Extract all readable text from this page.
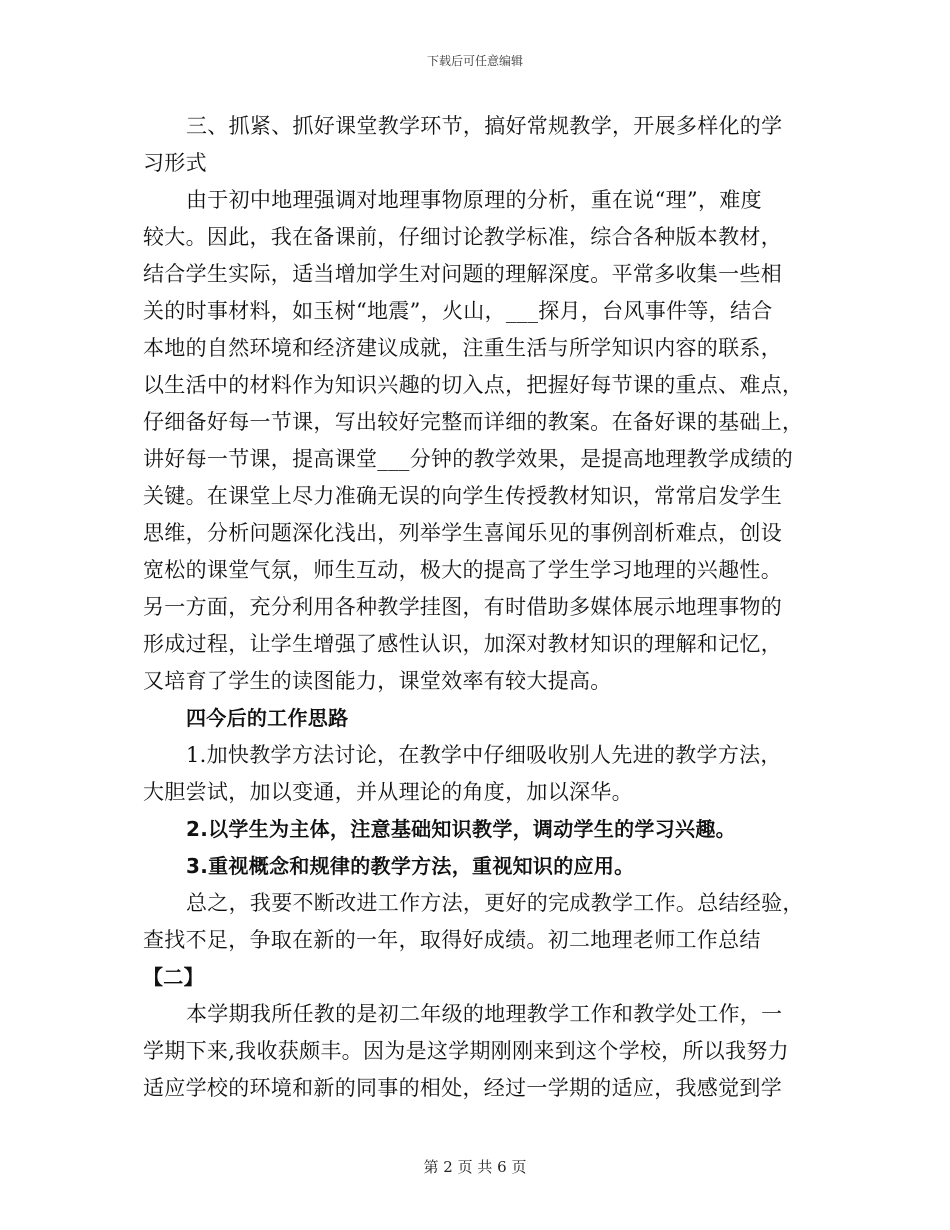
下载后可任意编辑
三、抓紧、抓好课堂教学环节，搞好常规教学，开展多样化的学
习形式
由于初中地理强调对地理事物原理的分析，重在说“理”，难度
较大。因此，我在备课前，仔细讨论教学标准，综合各种版本教材，
结合学生实际，适当增加学生对问题的理解深度。平常多收集一些相
关的时事材料，如玉树“地震”，火山，___探月，台风事件等，结合
本地的自然环境和经济建议成就，注重生活与所学知识内容的联系，
以生活中的材料作为知识兴趣的切入点，把握好每节课的重点、难点，
仔细备好每一节课，写出较好完整而详细的教案。在备好课的基础上，
讲好每一节课，提高课堂___分钟的教学效果，是提高地理教学成绩的
关键。在课堂上尽力准确无误的向学生传授教材知识，常常启发学生
思维，分析问题深化浅出，列举学生喜闻乐见的事例剖析难点，创设
宽松的课堂气氛，师生互动，极大的提高了学生学习地理的兴趣性。
另一方面，充分利用各种教学挂图，有时借助多媒体展示地理事物的
形成过程，让学生增强了感性认识，加深对教材知识的理解和记忆，
又培育了学生的读图能力，课堂效率有较大提高。
四今后的工作思路
1.加快教学方法讨论，在教学中仔细吸收别人先进的教学方法，
大胆尝试，加以变通，并从理论的角度，加以深华。
2.以学生为主体，注意基础知识教学，调动学生的学习兴趣。
3.重视概念和规律的教学方法，重视知识的应用。
总之，我要不断改进工作方法，更好的完成教学工作。总结经验，
查找不足，争取在新的一年，取得好成绩。初二地理老师工作总结
【二】
本学期我所任教的是初二年级的地理教学工作和教学处工作，一
学期下来,我收获颇丰。因为是这学期刚刚来到这个学校，所以我努力
适应学校的环境和新的同事的相处，经过一学期的适应，我感觉到学
第 2 页 共 6 页
